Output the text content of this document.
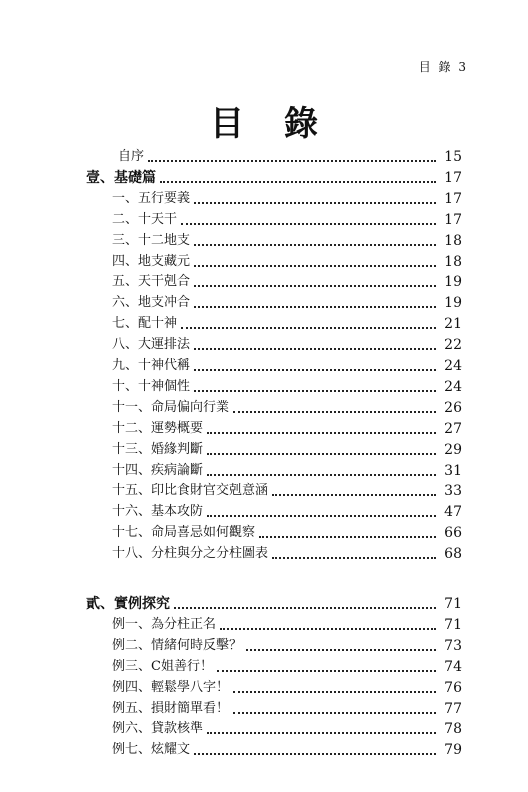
目 錄 3
目錄
自序	15
壹、基礎篇	17
一、五行要義	17
二、十天干	17
三、十二地支	18
四、地支藏元	18
五、天干剋合	19
六、地支冲合	19
七、配十神	21
八、大運排法	22
九、十神代稱	24
十、十神個性	24
十一、命局偏向行業	26
十二、運勢概要	27
十三、婚緣判斷	29
十四、疾病論斷	31
十五、印比食財官交剋意涵	33
十六、基本攻防	47
十七、命局喜忌如何觀察	66
十八、分柱與分之分柱圖表	68
貳、實例探究	71
例一、為分柱正名	71
例二、情緒何時反擊？	73
例三、C姐善行！	74
例四、輕鬆學八字！	76
例五、損財簡單看！	77
例六、貸款核準	78
例七、炫耀文	79
